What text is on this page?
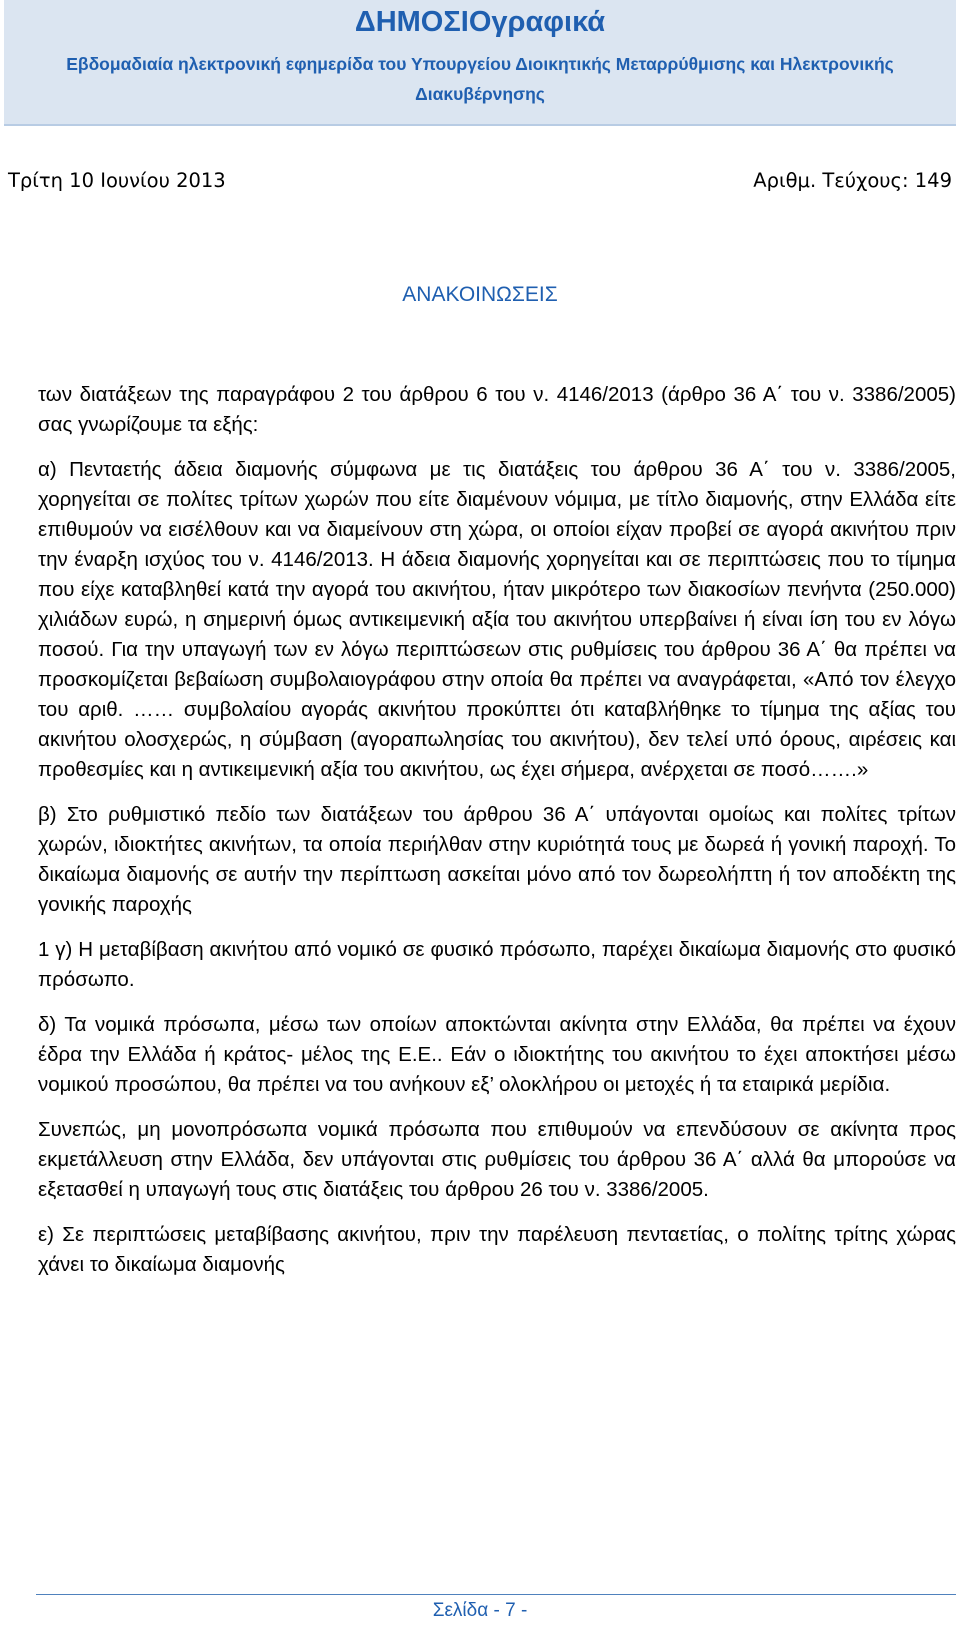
ΔΗΜΟΣΙΟγραφικά
Εβδομαδιαία ηλεκτρονική εφημερίδα του Υπουργείου Διοικητικής Μεταρρύθμισης και Ηλεκτρονικής Διακυβέρνησης
Τρίτη 10 Ιουνίου 2013	Αριθμ. Τεύχους: 149
ΑΝΑΚΟΙΝΩΣΕΙΣ

των διατάξεων της παραγράφου 2 του άρθρου 6 του ν. 4146/2013 (άρθρο 36 Α΄ του ν. 3386/2005) σας γνωρίζουμε τα εξής:

α) Πενταετής άδεια διαμονής σύμφωνα με τις διατάξεις του άρθρου 36 Α΄ του ν. 3386/2005, χορηγείται σε πολίτες τρίτων χωρών που είτε διαμένουν νόμιμα, με τίτλο διαμονής, στην Ελλάδα είτε επιθυμούν να εισέλθουν και να διαμείνουν στη χώρα, οι οποίοι είχαν προβεί σε αγορά ακινήτου πριν την έναρξη ισχύος του ν. 4146/2013. Η άδεια διαμονής χορηγείται και σε περιπτώσεις που το τίμημα που είχε καταβληθεί κατά την αγορά του ακινήτου, ήταν μικρότερο των διακοσίων πενήντα (250.000) χιλιάδων ευρώ, η σημερινή όμως αντικειμενική αξία του ακινήτου υπερβαίνει ή είναι ίση του εν λόγω ποσού. Για την υπαγωγή των εν λόγω περιπτώσεων στις ρυθμίσεις του άρθρου 36 Α΄ θα πρέπει να προσκομίζεται βεβαίωση συμβολαιογράφου στην οποία θα πρέπει να αναγράφεται, «Από τον έλεγχο του αριθ. …… συμβολαίου αγοράς ακινήτου προκύπτει ότι καταβλήθηκε το τίμημα της αξίας του ακινήτου ολοσχερώς, η σύμβαση (αγοραπωλησίας του ακινήτου), δεν τελεί υπό όρους, αιρέσεις και προθεσμίες και η αντικειμενική αξία του ακινήτου, ως έχει σήμερα, ανέρχεται σε ποσό…….»

β) Στο ρυθμιστικό πεδίο των διατάξεων του άρθρου 36 Α΄ υπάγονται ομοίως και πολίτες τρίτων χωρών, ιδιοκτήτες ακινήτων, τα οποία περιήλθαν στην κυριότητά τους με δωρεά ή γονική παροχή. Το δικαίωμα διαμονής σε αυτήν την περίπτωση ασκείται μόνο από τον δωρεολήπτη ή τον αποδέκτη της γονικής παροχής

1 γ) Η μεταβίβαση ακινήτου από νομικό σε φυσικό πρόσωπο, παρέχει δικαίωμα διαμονής στο φυσικό πρόσωπο.

δ) Τα νομικά πρόσωπα, μέσω των οποίων αποκτώνται ακίνητα στην Ελλάδα, θα πρέπει να έχουν έδρα την Ελλάδα ή κράτος- μέλος της Ε.Ε.. Εάν ο ιδιοκτήτης του ακινήτου το έχει αποκτήσει μέσω νομικού προσώπου, θα πρέπει να του ανήκουν εξ’ ολοκλήρου οι μετοχές ή τα εταιρικά μερίδια.

Συνεπώς, μη μονοπρόσωπα νομικά πρόσωπα που επιθυμούν να επενδύσουν σε ακίνητα προς εκμετάλλευση στην Ελλάδα, δεν υπάγονται στις ρυθμίσεις του άρθρου 36 Α΄ αλλά θα μπορούσε να εξετασθεί η υπαγωγή τους στις διατάξεις του άρθρου 26 του ν. 3386/2005.

ε) Σε περιπτώσεις μεταβίβασης ακινήτου, πριν την παρέλευση πενταετίας, ο πολίτης τρίτης χώρας χάνει το δικαίωμα διαμονής

Σελίδα - 7 -
